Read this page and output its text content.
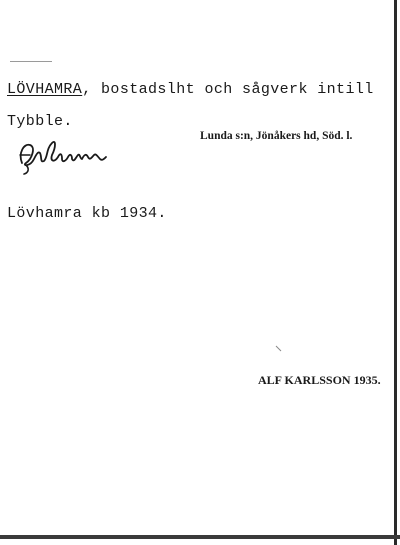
LÖVHAMRA, bostadslht och sågverk intill
Tybble.
Lunda s:n, Jönåkers hd, Söd. l.
Lövhamra kb 1934.
ALF KARLSSON 1935.
